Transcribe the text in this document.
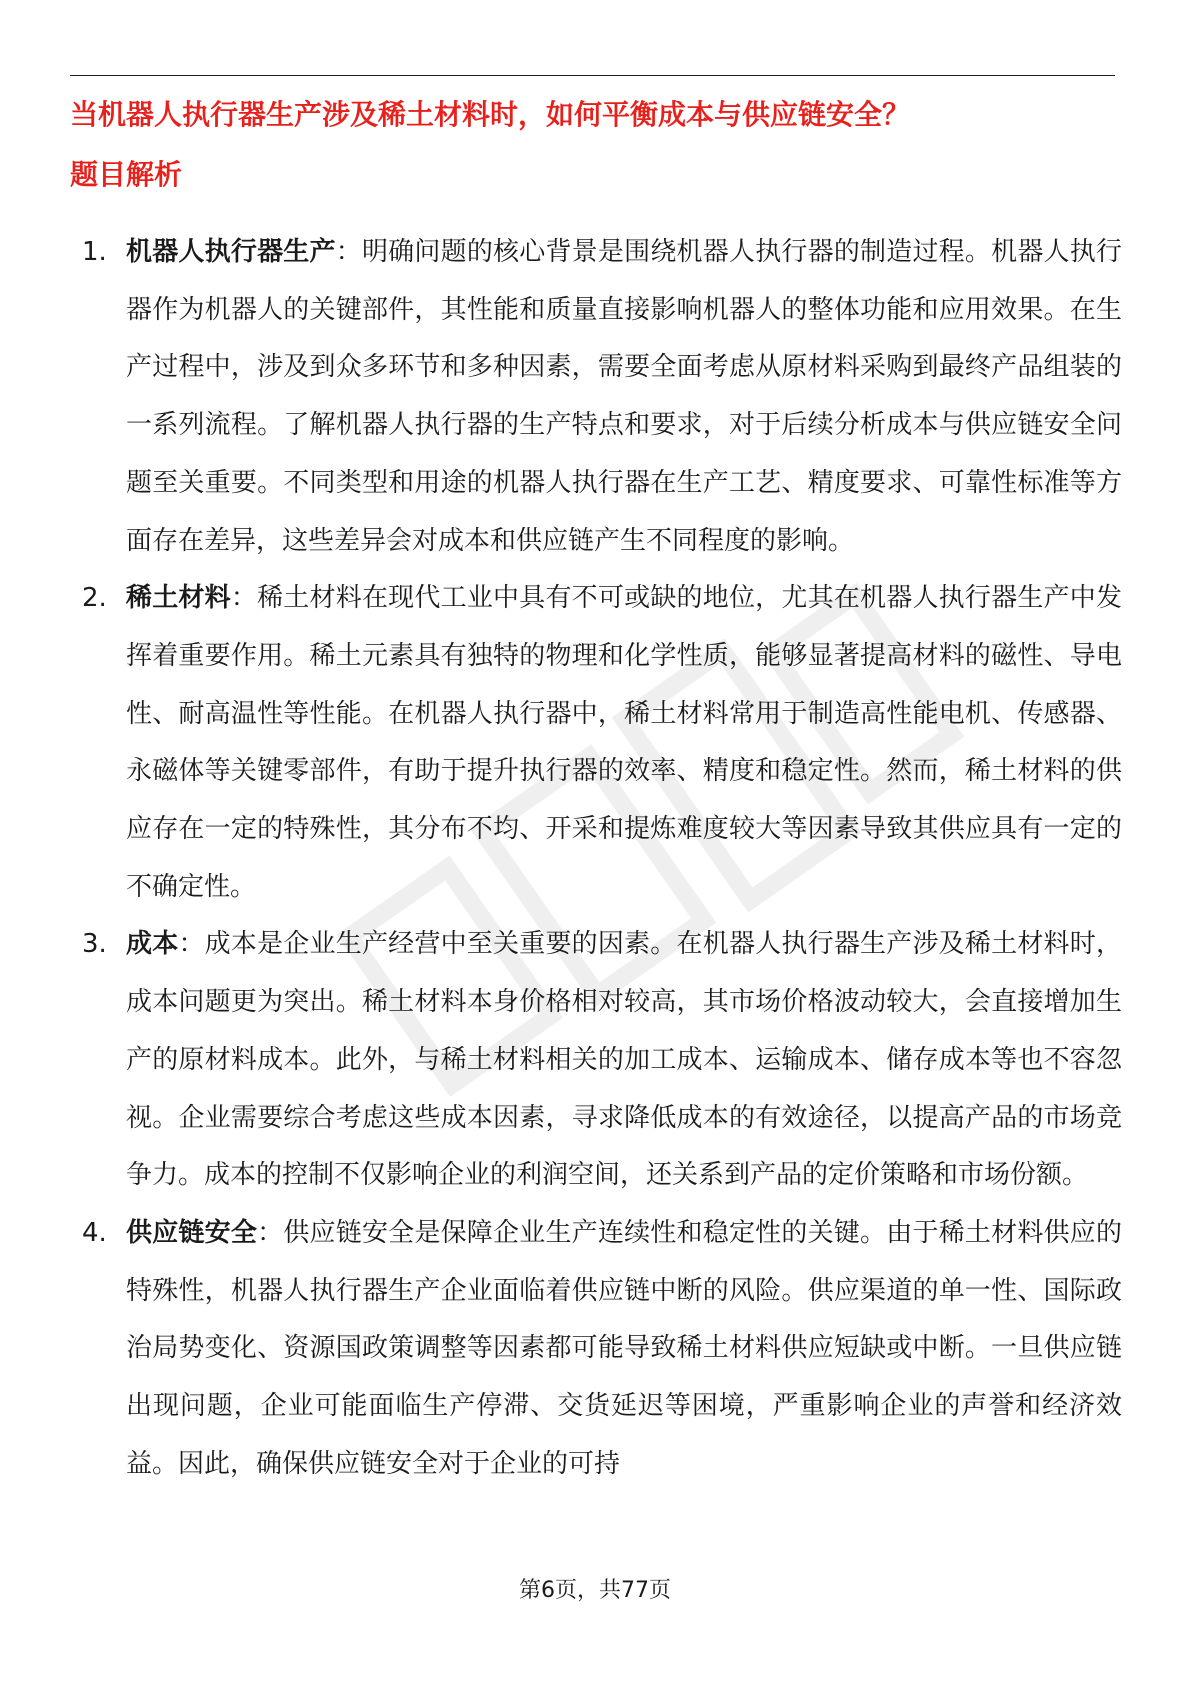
当机器人执行器生产涉及稀土材料时，如何平衡成本与供应链安全？
题目解析
1. 机器人执行器生产：明确问题的核心背景是围绕机器人执行器的制造过程。机器人执行器作为机器人的关键部件，其性能和质量直接影响机器人的整体功能和应用效果。在生产过程中，涉及到众多环节和多种因素，需要全面考虑从原材料采购到最终产品组装的一系列流程。了解机器人执行器的生产特点和要求，对于后续分析成本与供应链安全问题至关重要。不同类型和用途的机器人执行器在生产工艺、精度要求、可靠性标准等方面存在差异，这些差异会对成本和供应链产生不同程度的影响。
2. 稀土材料：稀土材料在现代工业中具有不可或缺的地位，尤其在机器人执行器生产中发挥着重要作用。稀土元素具有独特的物理和化学性质，能够显著提高材料的磁性、导电性、耐高温性等性能。在机器人执行器中，稀土材料常用于制造高性能电机、传感器、永磁体等关键零部件，有助于提升执行器的效率、精度和稳定性。然而，稀土材料的供应存在一定的特殊性，其分布不均、开采和提炼难度较大等因素导致其供应具有一定的不确定性。
3. 成本：成本是企业生产经营中至关重要的因素。在机器人执行器生产涉及稀土材料时，成本问题更为突出。稀土材料本身价格相对较高，其市场价格波动较大，会直接增加生产的原材料成本。此外，与稀土材料相关的加工成本、运输成本、储存成本等也不容忽视。企业需要综合考虑这些成本因素，寻求降低成本的有效途径，以提高产品的市场竞争力。成本的控制不仅影响企业的利润空间，还关系到产品的定价策略和市场份额。
4. 供应链安全：供应链安全是保障企业生产连续性和稳定性的关键。由于稀土材料供应的特殊性，机器人执行器生产企业面临着供应链中断的风险。供应渠道的单一性、国际政治局势变化、资源国政策调整等因素都可能导致稀土材料供应短缺或中断。一旦供应链出现问题，企业可能面临生产停滞、交货延迟等困境，严重影响企业的声誉和经济效益。因此，确保供应链安全对于企业的可持
第6页，共77页
